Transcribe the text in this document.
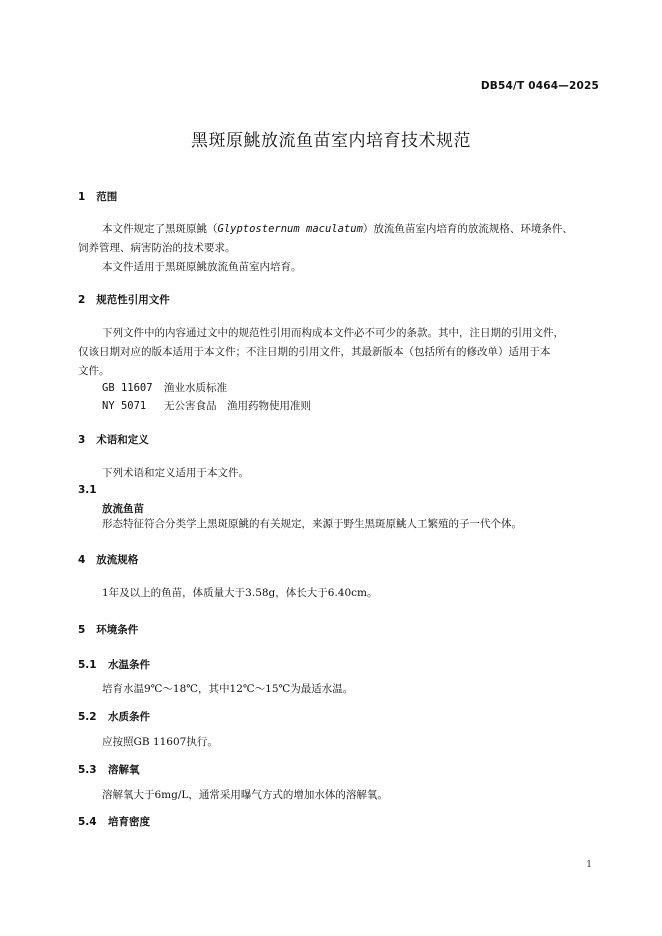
DB54/T 0464—2025
黑斑原鮡放流鱼苗室内培育技术规范
1 范围
本文件规定了黑斑原鮡（Glyptosternum maculatum）放流鱼苗室内培育的放流规格、环境条件、
饲养管理、病害防治的技术要求。
本文件适用于黑斑原鮡放流鱼苗室内培育。
2 规范性引用文件
下列文件中的内容通过文中的规范性引用而构成本文件必不可少的条款。其中，注日期的引用文件，
仅该日期对应的版本适用于本文件；不注日期的引用文件，其最新版本（包括所有的修改单）适用于本
文件。
GB 11607 渔业水质标准
NY 5071 无公害食品　渔用药物使用准则
3 术语和定义
下列术语和定义适用于本文件。
3.1
放流鱼苗
形态特征符合分类学上黑斑原鮡的有关规定，来源于野生黑斑原鮡人工繁殖的子一代个体。
4 放流规格
1年及以上的鱼苗，体质量大于3.58g，体长大于6.40cm。
5 环境条件
5.1 水温条件
培育水温9℃～18℃，其中12℃～15℃为最适水温。
5.2 水质条件
应按照GB 11607执行。
5.3 溶解氧
溶解氧大于6mg/L，通常采用曝气方式的增加水体的溶解氧。
5.4 培育密度
1
